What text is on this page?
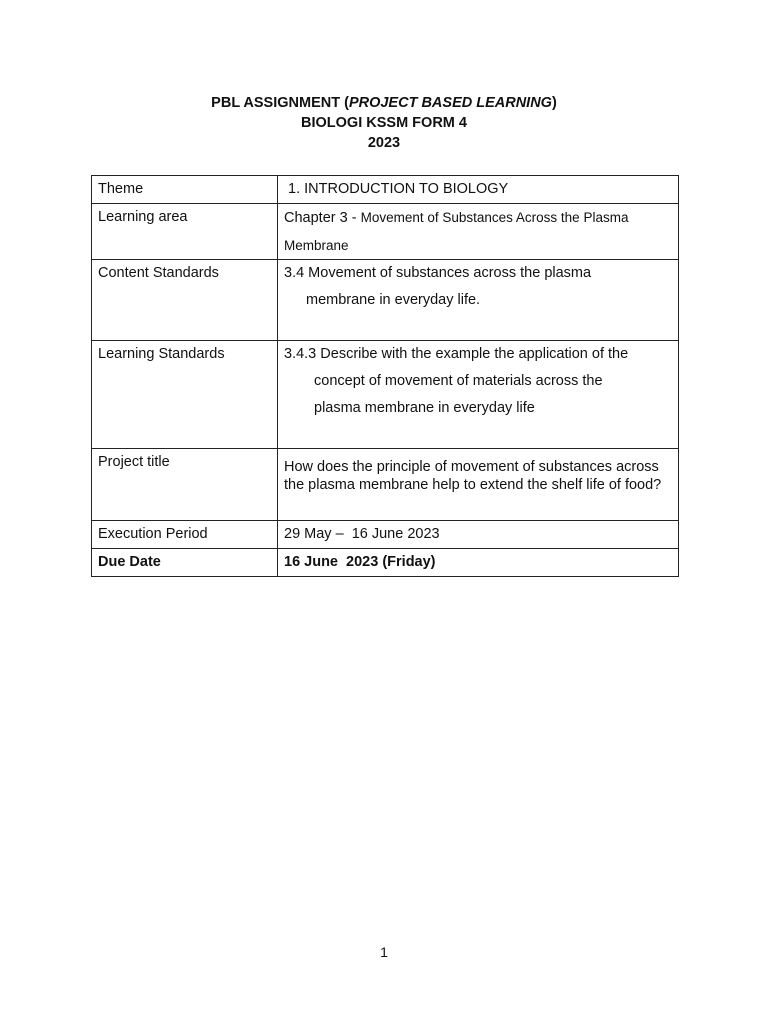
PBL ASSIGNMENT (PROJECT BASED LEARNING)
BIOLOGI KSSM FORM 4
2023
Theme	1. INTRODUCTION TO BIOLOGY
Learning area	Chapter 3 - Movement of Substances Across the Plasma
Membrane

Content Standards	3.4 Movement of substances across the plasma
membrane in everyday life.

Learning Standards	3.4.3 Describe with the example the application of the
concept of movement of materials across the
plasma membrane in everyday life

Project title	How does the principle of movement of substances across
the plasma membrane help to extend the shelf life of food?

Execution Period	29 May –  16 June 2023
Due Date	16 June  2023 (Friday)
1
